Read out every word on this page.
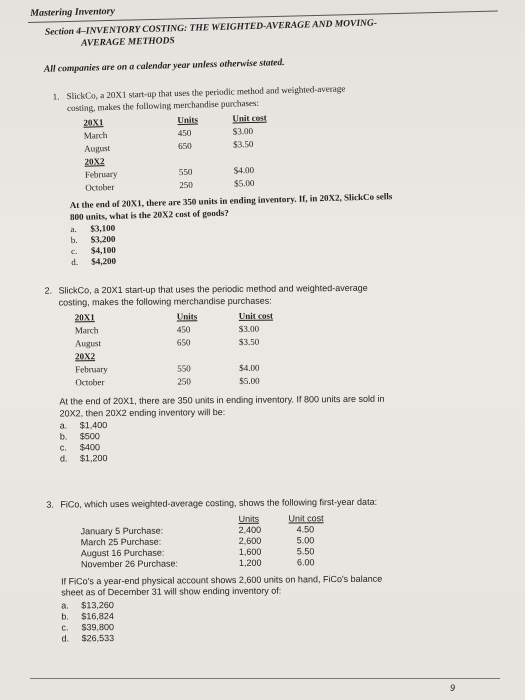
Mastering Inventory
Section 4–INVENTORY COSTING: THE WEIGHTED-AVERAGE AND MOVING-
AVERAGE METHODS
All companies are on a calendar year unless otherwise stated.
1. SlickCo, a 20X1 start-up that uses the periodic method and weighted-average
costing, makes the following merchandise purchases:
20X1	Units	Unit cost
March	450	$3.00
August	650	$3.50
20X2
February	550	$4.00
October	250	$5.00
At the end of 20X1, there are 350 units in ending inventory. If, in 20X2, SlickCo sells
800 units, what is the 20X2 cost of goods?
a. $3,100
b. $3,200
c. $4,100
d. $4,200
2. SlickCo, a 20X1 start-up that uses the periodic method and weighted-average
costing, makes the following merchandise purchases:
20X1	Units	Unit cost
March	450	$3.00
August	650	$3.50
20X2
February	550	$4.00
October	250	$5.00
At the end of 20X1, there are 350 units in ending inventory. If 800 units are sold in
20X2, then 20X2 ending inventory will be:
a. $1,400
b. $500
c. $400
d. $1,200
3. FiCo, which uses weighted-average costing, shows the following first-year data:
Units	Unit cost
January 5 Purchase:	2,400	4.50
March 25 Purchase:	2,600	5.00
August 16 Purchase:	1,600	5.50
November 26 Purchase:	1,200	6.00
If FiCo's a year-end physical account shows 2,600 units on hand, FiCo's balance
sheet as of December 31 will show ending inventory of:
a. $13,260
b. $16,824
c. $39,800
d. $26,533
9
